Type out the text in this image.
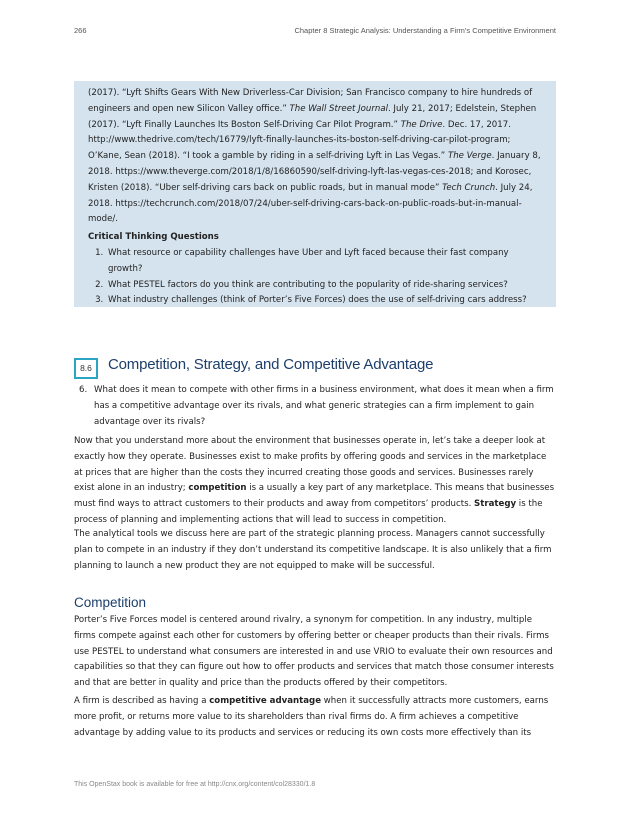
266	Chapter 8 Strategic Analysis: Understanding a Firm's Competitive Environment
(2017). “Lyft Shifts Gears With New Driverless-Car Division; San Francisco company to hire hundreds of engineers and open new Silicon Valley office.” The Wall Street Journal. July 21, 2017; Edelstein, Stephen (2017). “Lyft Finally Launches Its Boston Self-Driving Car Pilot Program.” The Drive. Dec. 17, 2017. http://www.thedrive.com/tech/16779/lyft-finally-launches-its-boston-self-driving-car-pilot-program; O’Kane, Sean (2018). “I took a gamble by riding in a self-driving Lyft in Las Vegas.” The Verge. January 8, 2018. https://www.theverge.com/2018/1/8/16860590/self-driving-lyft-las-vegas-ces-2018; and Korosec, Kristen (2018). “Uber self-driving cars back on public roads, but in manual mode” Tech Crunch. July 24, 2018. https://techcrunch.com/2018/07/24/uber-self-driving-cars-back-on-public-roads-but-in-manual-mode/.
Critical Thinking Questions
1. What resource or capability challenges have Uber and Lyft faced because their fast company growth?
2. What PESTEL factors do you think are contributing to the popularity of ride-sharing services?
3. What industry challenges (think of Porter’s Five Forces) does the use of self-driving cars address?
8.6	Competition, Strategy, and Competitive Advantage
6. What does it mean to compete with other firms in a business environment, what does it mean when a firm has a competitive advantage over its rivals, and what generic strategies can a firm implement to gain advantage over its rivals?
Now that you understand more about the environment that businesses operate in, let’s take a deeper look at exactly how they operate. Businesses exist to make profits by offering goods and services in the marketplace at prices that are higher than the costs they incurred creating those goods and services. Businesses rarely exist alone in an industry; competition is a usually a key part of any marketplace. This means that businesses must find ways to attract customers to their products and away from competitors’ products. Strategy is the process of planning and implementing actions that will lead to success in competition.
The analytical tools we discuss here are part of the strategic planning process. Managers cannot successfully plan to compete in an industry if they don’t understand its competitive landscape. It is also unlikely that a firm planning to launch a new product they are not equipped to make will be successful.
Competition
Porter’s Five Forces model is centered around rivalry, a synonym for competition. In any industry, multiple firms compete against each other for customers by offering better or cheaper products than their rivals. Firms use PESTEL to understand what consumers are interested in and use VRIO to evaluate their own resources and capabilities so that they can figure out how to offer products and services that match those consumer interests and that are better in quality and price than the products offered by their competitors.
A firm is described as having a competitive advantage when it successfully attracts more customers, earns more profit, or returns more value to its shareholders than rival firms do. A firm achieves a competitive advantage by adding value to its products and services or reducing its own costs more effectively than its
This OpenStax book is available for free at http://cnx.org/content/col28330/1.8
